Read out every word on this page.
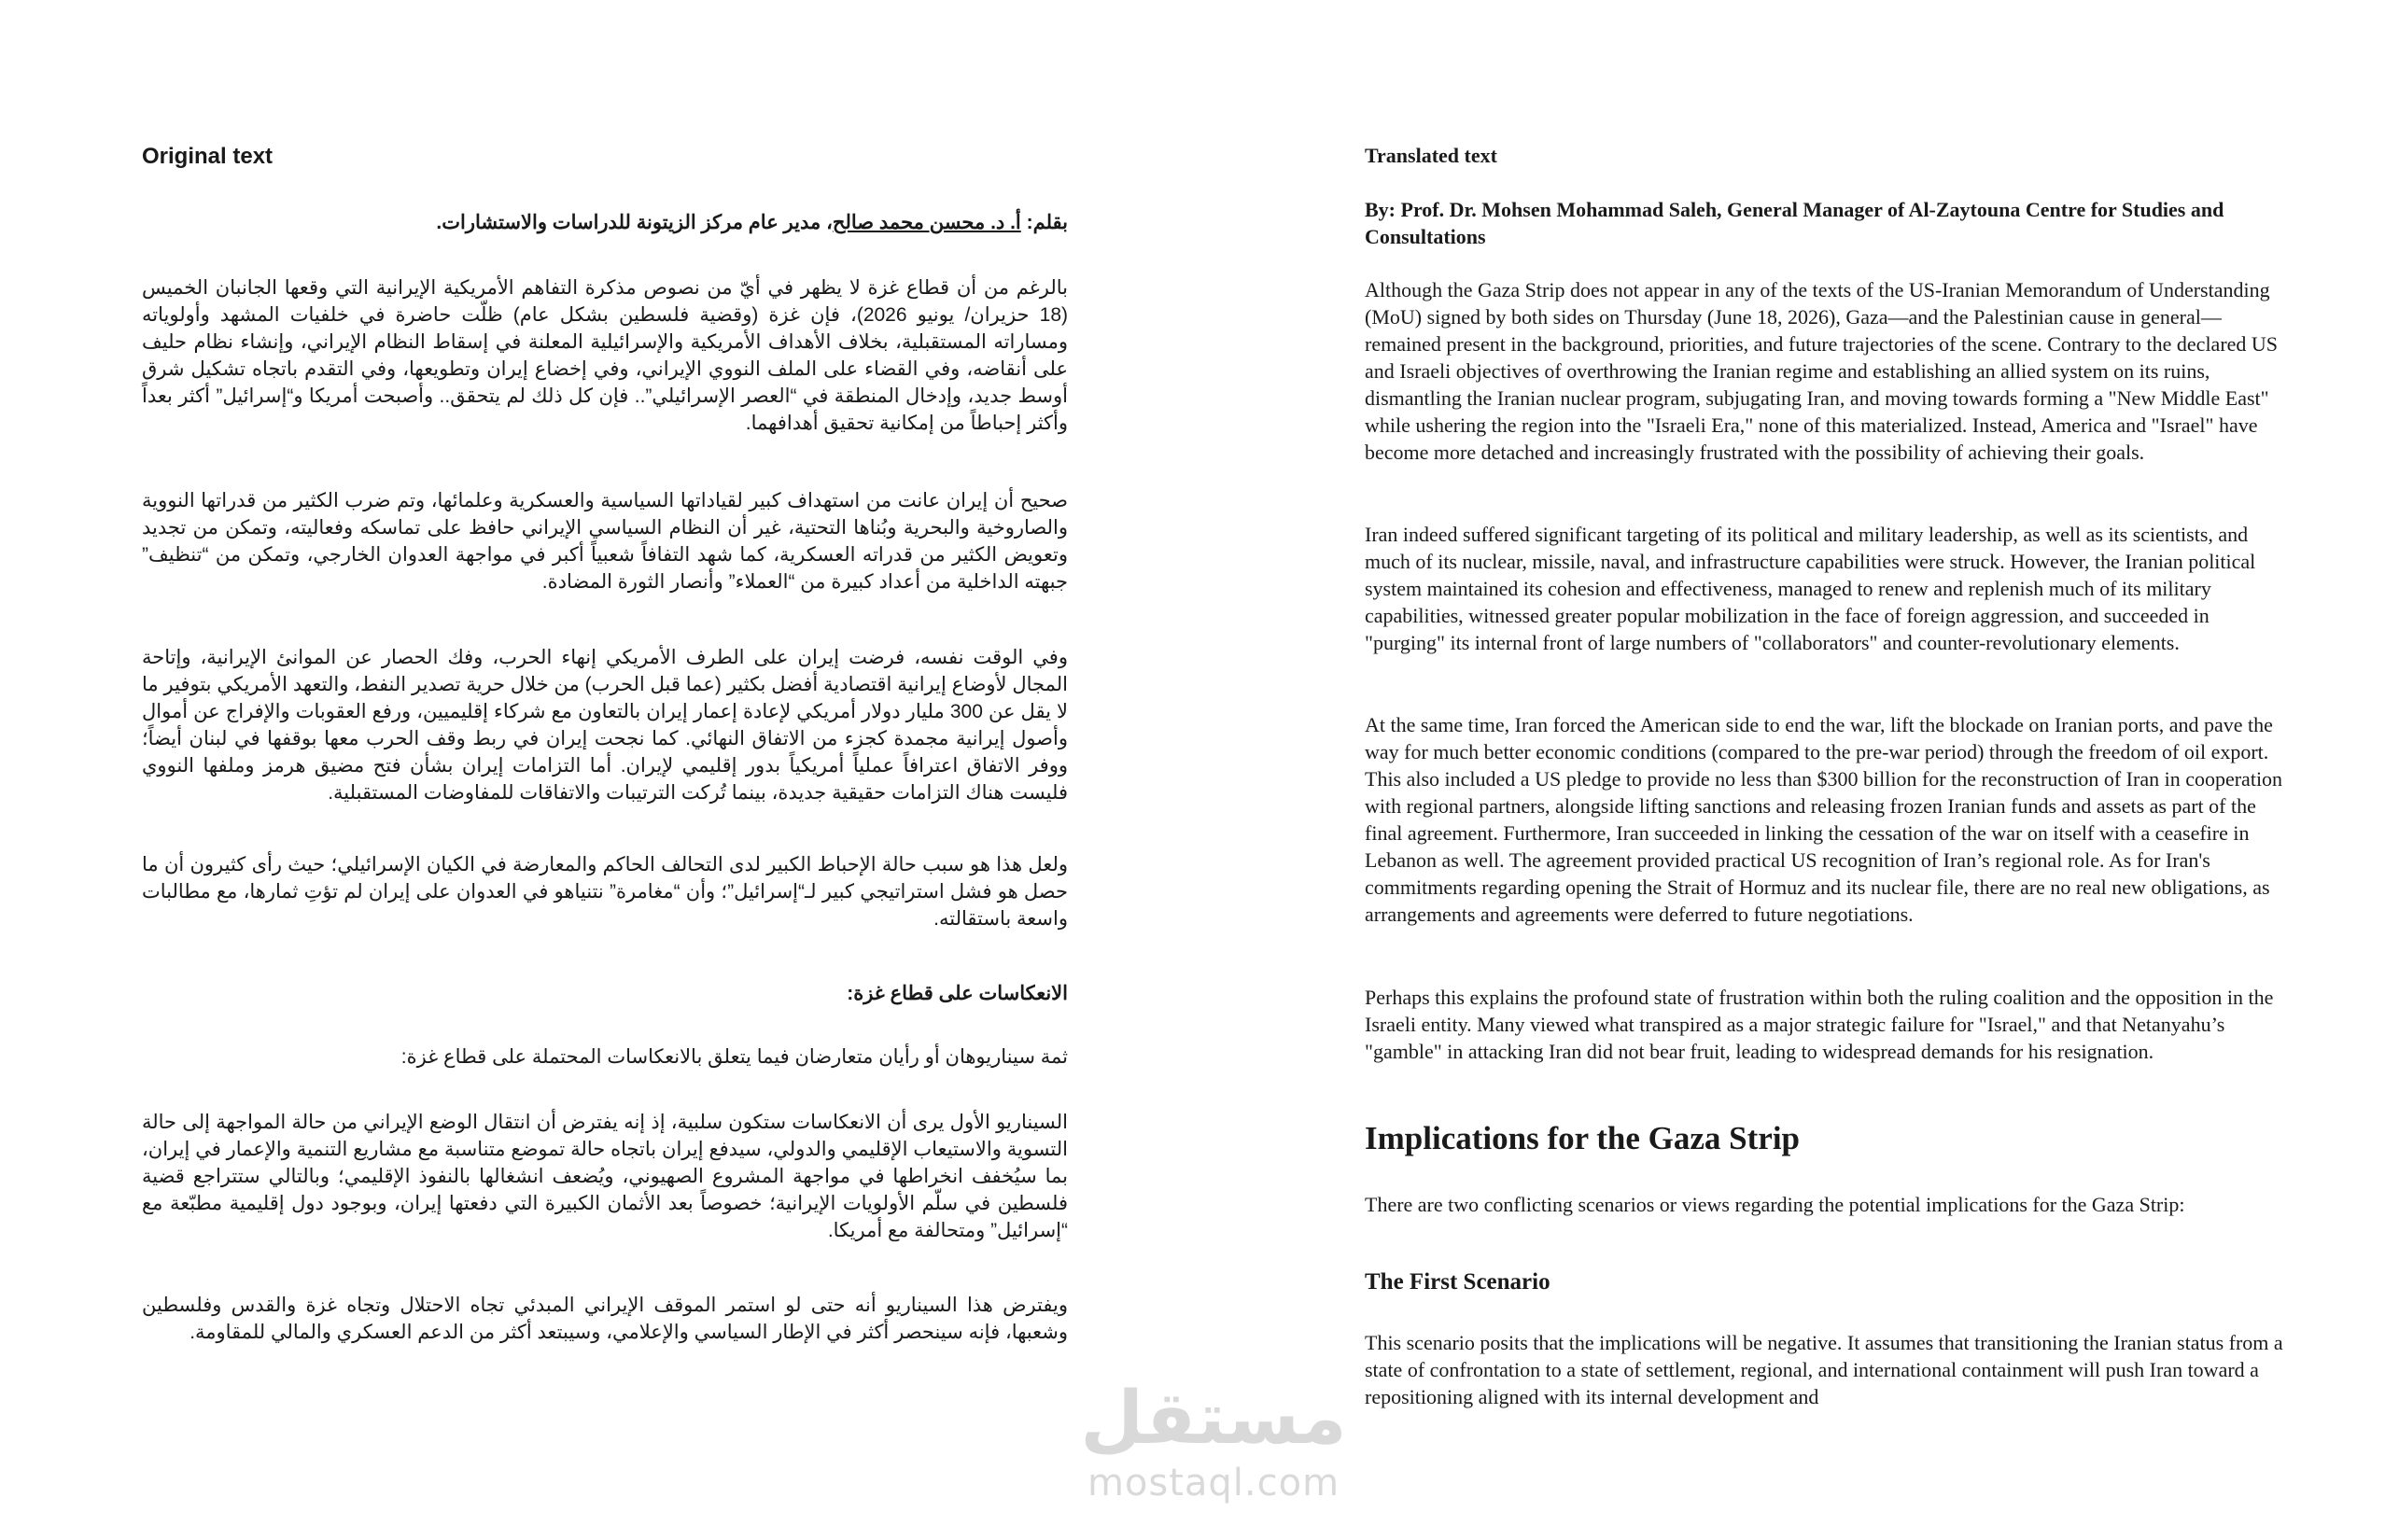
Original text

بقلم: أ. د. محسن محمد صالح، مدير عام مركز الزيتونة للدراسات والاستشارات.

بالرغم من أن قطاع غزة لا يظهر في أيّ من نصوص مذكرة التفاهم الأمريكية الإيرانية التي وقعها الجانبان الخميس (18 حزيران/ يونيو 2026)، فإن غزة (وقضية فلسطين بشكل عام) ظلّت حاضرة في خلفيات المشهد وأولوياته ومساراته المستقبلية، بخلاف الأهداف الأمريكية والإسرائيلية المعلنة في إسقاط النظام الإيراني، وإنشاء نظام حليف على أنقاضه، وفي القضاء على الملف النووي الإيراني، وفي إخضاع إيران وتطويعها، وفي التقدم باتجاه تشكيل شرق أوسط جديد، وإدخال المنطقة في “العصر الإسرائيلي”.. فإن كل ذلك لم يتحقق.. وأصبحت أمريكا و“إسرائيل” أكثر بعداً وأكثر إحباطاً من إمكانية تحقيق أهدافهما.

صحيح أن إيران عانت من استهداف كبير لقياداتها السياسية والعسكرية وعلمائها، وتم ضرب الكثير من قدراتها النووية والصاروخية والبحرية وبُناها التحتية، غير أن النظام السياسي الإيراني حافظ على تماسكه وفعاليته، وتمكن من تجديد وتعويض الكثير من قدراته العسكرية، كما شهد التفافاً شعبياً أكبر في مواجهة العدوان الخارجي، وتمكن من “تنظيف” جبهته الداخلية من أعداد كبيرة من “العملاء” وأنصار الثورة المضادة.

وفي الوقت نفسه، فرضت إيران على الطرف الأمريكي إنهاء الحرب، وفك الحصار عن الموانئ الإيرانية، وإتاحة المجال لأوضاع إيرانية اقتصادية أفضل بكثير (عما قبل الحرب) من خلال حرية تصدير النفط، والتعهد الأمريكي بتوفير ما لا يقل عن 300 مليار دولار أمريكي لإعادة إعمار إيران بالتعاون مع شركاء إقليميين، ورفع العقوبات والإفراج عن أموال وأصول إيرانية مجمدة كجزء من الاتفاق النهائي. كما نجحت إيران في ربط وقف الحرب معها بوقفها في لبنان أيضاً؛ ووفر الاتفاق اعترافاً عملياً أمريكياً بدور إقليمي لإيران. أما التزامات إيران بشأن فتح مضيق هرمز وملفها النووي فليست هناك التزامات حقيقية جديدة، بينما تُركت الترتيبات والاتفاقات للمفاوضات المستقبلية.

ولعل هذا هو سبب حالة الإحباط الكبير لدى التحالف الحاكم والمعارضة في الكيان الإسرائيلي؛ حيث رأى كثيرون أن ما حصل هو فشل استراتيجي كبير لـ“إسرائيل”؛ وأن “مغامرة” نتنياهو في العدوان على إيران لم تؤتِ ثمارها، مع مطالبات واسعة باستقالته.

الانعكاسات على قطاع غزة:

ثمة سيناريوهان أو رأيان متعارضان فيما يتعلق بالانعكاسات المحتملة على قطاع غزة:

السيناريو الأول يرى أن الانعكاسات ستكون سلبية، إذ إنه يفترض أن انتقال الوضع الإيراني من حالة المواجهة إلى حالة التسوية والاستيعاب الإقليمي والدولي، سيدفع إيران باتجاه حالة تموضع متناسبة مع مشاريع التنمية والإعمار في إيران، بما سيُخفف انخراطها في مواجهة المشروع الصهيوني، ويُضعف انشغالها بالنفوذ الإقليمي؛ وبالتالي ستتراجع قضية فلسطين في سلّم الأولويات الإيرانية؛ خصوصاً بعد الأثمان الكبيرة التي دفعتها إيران، وبوجود دول إقليمية مطبّعة مع “إسرائيل” ومتحالفة مع أمريكا.

ويفترض هذا السيناريو أنه حتى لو استمر الموقف الإيراني المبدئي تجاه الاحتلال وتجاه غزة والقدس وفلسطين وشعبها، فإنه سينحصر أكثر في الإطار السياسي والإعلامي، وسيبتعد أكثر من الدعم العسكري والمالي للمقاومة.

Translated text

By: Prof. Dr. Mohsen Mohammad Saleh, General Manager of Al-Zaytouna Centre for Studies and Consultations

Although the Gaza Strip does not appear in any of the texts of the US-Iranian Memorandum of Understanding (MoU) signed by both sides on Thursday (June 18, 2026), Gaza—and the Palestinian cause in general—remained present in the background, priorities, and future trajectories of the scene. Contrary to the declared US and Israeli objectives of overthrowing the Iranian regime and establishing an allied system on its ruins, dismantling the Iranian nuclear program, subjugating Iran, and moving towards forming a "New Middle East" while ushering the region into the "Israeli Era," none of this materialized. Instead, America and "Israel" have become more detached and increasingly frustrated with the possibility of achieving their goals.

Iran indeed suffered significant targeting of its political and military leadership, as well as its scientists, and much of its nuclear, missile, naval, and infrastructure capabilities were struck. However, the Iranian political system maintained its cohesion and effectiveness, managed to renew and replenish much of its military capabilities, witnessed greater popular mobilization in the face of foreign aggression, and succeeded in "purging" its internal front of large numbers of "collaborators" and counter-revolutionary elements.

At the same time, Iran forced the American side to end the war, lift the blockade on Iranian ports, and pave the way for much better economic conditions (compared to the pre-war period) through the freedom of oil export. This also included a US pledge to provide no less than $300 billion for the reconstruction of Iran in cooperation with regional partners, alongside lifting sanctions and releasing frozen Iranian funds and assets as part of the final agreement. Furthermore, Iran succeeded in linking the cessation of the war on itself with a ceasefire in Lebanon as well. The agreement provided practical US recognition of Iran’s regional role. As for Iran's commitments regarding opening the Strait of Hormuz and its nuclear file, there are no real new obligations, as arrangements and agreements were deferred to future negotiations.

Perhaps this explains the profound state of frustration within both the ruling coalition and the opposition in the Israeli entity. Many viewed what transpired as a major strategic failure for "Israel," and that Netanyahu’s "gamble" in attacking Iran did not bear fruit, leading to widespread demands for his resignation.

Implications for the Gaza Strip

There are two conflicting scenarios or views regarding the potential implications for the Gaza Strip:

The First Scenario

This scenario posits that the implications will be negative. It assumes that transitioning the Iranian status from a state of confrontation to a state of settlement, regional, and international containment will push Iran toward a repositioning aligned with its internal development and

مستقل
mostaql.com
